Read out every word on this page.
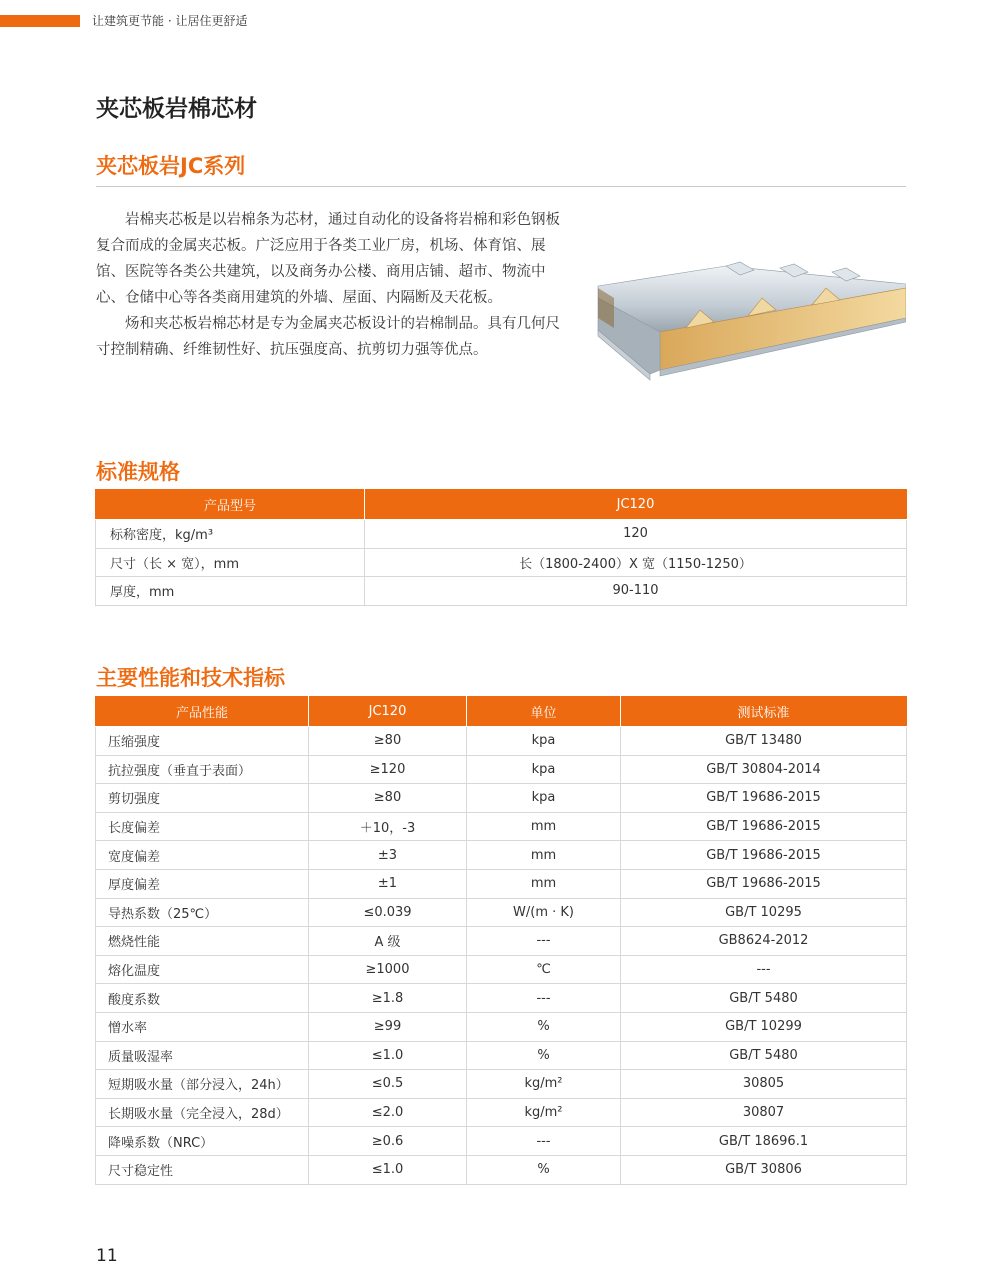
让建筑更节能 · 让居住更舒适
夹芯板岩棉芯材
夹芯板岩JC系列

岩棉夹芯板是以岩棉条为芯材，通过自动化的设备将岩棉和彩色钢板复合而成的金属夹芯板。广泛应用于各类工业厂房，机场、体育馆、展馆、医院等各类公共建筑，以及商务办公楼、商用店铺、超市、物流中心、仓储中心等各类商用建筑的外墙、屋面、内隔断及天花板。

炀和夹芯板岩棉芯材是专为金属夹芯板设计的岩棉制品。具有几何尺寸控制精确、纤维韧性好、抗压强度高、抗剪切力强等优点。

标准规格
产品型号	JC120
标称密度，kg/m³	120
尺寸（长 × 宽），mm	长（1800-2400）X 宽（1150-1250）
厚度，mm	90-110
主要性能和技术指标
产品性能	JC120	单位	测试标准
压缩强度	≥80	kpa	GB/T 13480
抗拉强度（垂直于表面）	≥120	kpa	GB/T 30804-2014
剪切强度	≥80	kpa	GB/T 19686-2015
长度偏差	＋10，-3	mm	GB/T 19686-2015
宽度偏差	±3	mm	GB/T 19686-2015
厚度偏差	±1	mm	GB/T 19686-2015
导热系数（25℃）	≤0.039	W/(m · K)	GB/T 10295
燃烧性能	A 级	---	GB8624-2012
熔化温度	≥1000	℃	---
酸度系数	≥1.8	---	GB/T 5480
憎水率	≥99	%	GB/T 10299
质量吸湿率	≤1.0	%	GB/T 5480
短期吸水量（部分浸入，24h）	≤0.5	kg/m²	30805
长期吸水量（完全浸入，28d）	≤2.0	kg/m²	30807
降噪系数（NRC）	≥0.6	---	GB/T 18696.1
尺寸稳定性	≤1.0	%	GB/T 30806
11
